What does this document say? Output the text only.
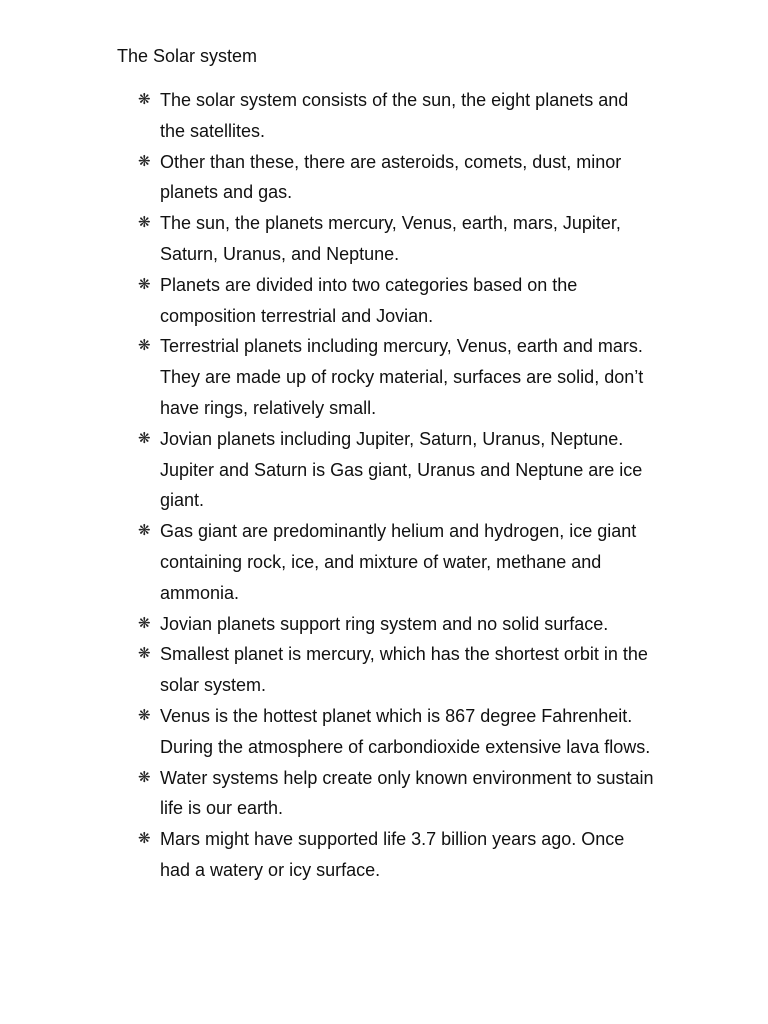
The Solar system
❋ The solar system consists of the sun, the eight planets and the satellites.
❋ Other than these, there are asteroids, comets, dust, minor planets and gas.
❋ The sun, the planets mercury, Venus, earth, mars, Jupiter, Saturn, Uranus, and Neptune.
❋ Planets are divided into two categories based on the composition terrestrial and Jovian.
❋ Terrestrial planets including mercury, Venus, earth and mars. They are made up of rocky material, surfaces are solid, don’t have rings, relatively small.
❋ Jovian planets including Jupiter, Saturn, Uranus, Neptune. Jupiter and Saturn is Gas giant, Uranus and Neptune are ice giant.
❋ Gas giant are predominantly helium and hydrogen, ice giant containing rock, ice, and mixture of water, methane and ammonia.
❋ Jovian planets support ring system and no solid surface.
❋ Smallest planet is mercury, which has the shortest orbit in the solar system.
❋ Venus is the hottest planet which is 867 degree Fahrenheit. During the atmosphere of carbondioxide extensive lava flows.
❋ Water systems help create only known environment to sustain life is our earth.
❋ Mars might have supported life 3.7 billion years ago. Once had a watery or icy surface.
